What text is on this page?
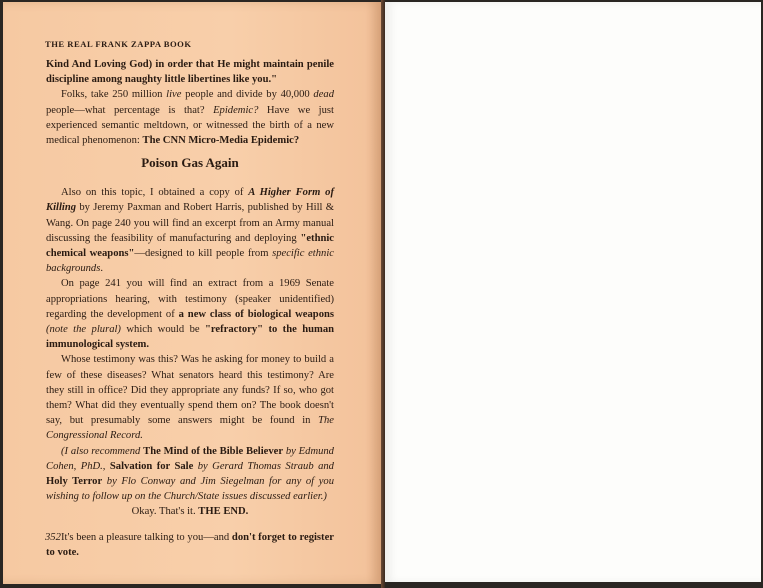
THE REAL FRANK ZAPPA BOOK

Kind And Loving God) in order that He might maintain penile discipline among naughty little libertines like you."

Folks, take 250 million live people and divide by 40,000 dead people—what percentage is that? Epidemic? Have we just experienced semantic meltdown, or witnessed the birth of a new medical phenomenon: The CNN Micro-Media Epidemic?

Poison Gas Again

Also on this topic, I obtained a copy of A Higher Form of Killing by Jeremy Paxman and Robert Harris, published by Hill & Wang. On page 240 you will find an excerpt from an Army manual discussing the feasibility of manufacturing and deploying "ethnic chemical weapons"—designed to kill people from specific ethnic backgrounds.

On page 241 you will find an extract from a 1969 Senate appropriations hearing, with testimony (speaker unidentified) regarding the development of a new class of biological weapons (note the plural) which would be "refractory" to the human immunological system.

Whose testimony was this? Was he asking for money to build a few of these diseases? What senators heard this testimony? Are they still in office? Did they appropriate any funds? If so, who got them? What did they eventually spend them on? The book doesn't say, but presumably some answers might be found in The Congressional Record.

(I also recommend The Mind of the Bible Believer by Edmund Cohen, PhD., Salvation for Sale by Gerard Thomas Straub and Holy Terror by Flo Conway and Jim Siegelman for any of you wishing to follow up on the Church/State issues discussed earlier.)

Okay. That's it. THE END.

It's been a pleasure talking to you—and don't forget to register to vote.

352
